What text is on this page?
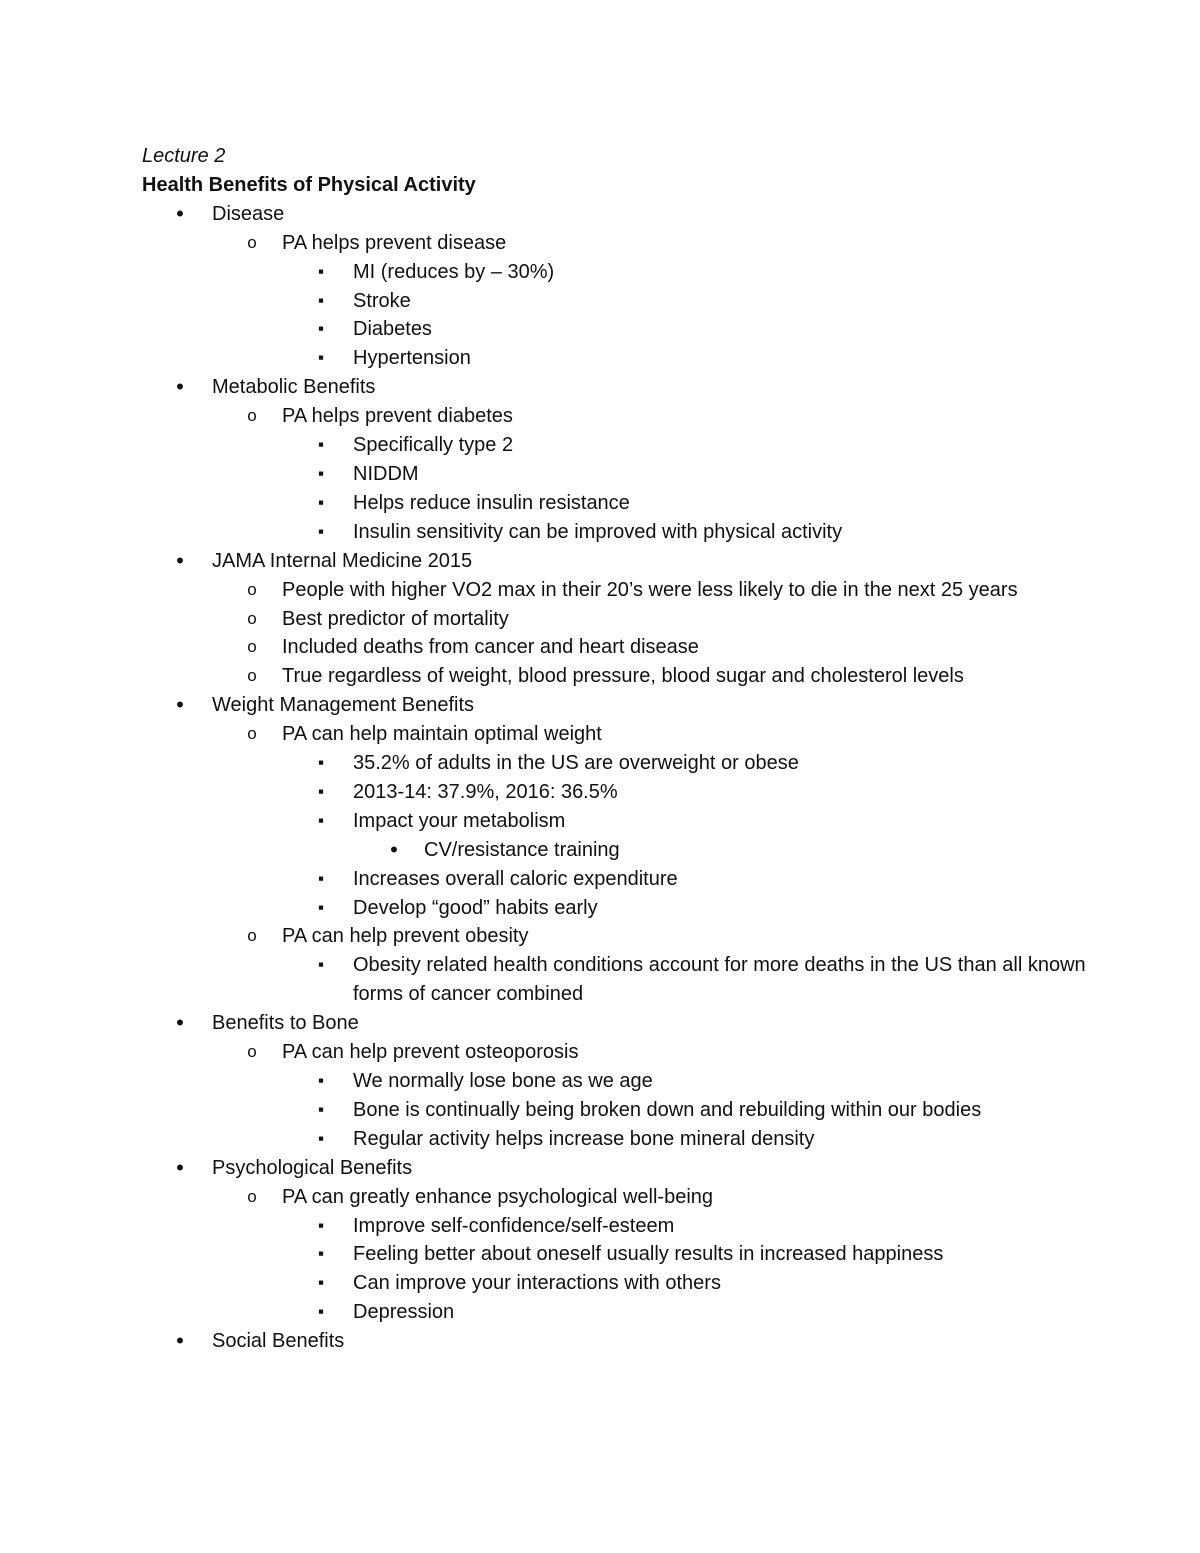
Lecture 2
Health Benefits of Physical Activity
• Disease
o PA helps prevent disease
▪ MI (reduces by – 30%)
▪ Stroke
▪ Diabetes
▪ Hypertension
• Metabolic Benefits
o PA helps prevent diabetes
▪ Specifically type 2
▪ NIDDM
▪ Helps reduce insulin resistance
▪ Insulin sensitivity can be improved with physical activity
• JAMA Internal Medicine 2015
o People with higher VO2 max in their 20’s were less likely to die in the next 25 years
o Best predictor of mortality
o Included deaths from cancer and heart disease
o True regardless of weight, blood pressure, blood sugar and cholesterol levels
• Weight Management Benefits
o PA can help maintain optimal weight
▪ 35.2% of adults in the US are overweight or obese
▪ 2013-14: 37.9%, 2016: 36.5%
▪ Impact your metabolism
• CV/resistance training
▪ Increases overall caloric expenditure
▪ Develop “good” habits early
o PA can help prevent obesity
▪ Obesity related health conditions account for more deaths in the US than all known forms of cancer combined
• Benefits to Bone
o PA can help prevent osteoporosis
▪ We normally lose bone as we age
▪ Bone is continually being broken down and rebuilding within our bodies
▪ Regular activity helps increase bone mineral density
• Psychological Benefits
o PA can greatly enhance psychological well-being
▪ Improve self-confidence/self-esteem
▪ Feeling better about oneself usually results in increased happiness
▪ Can improve your interactions with others
▪ Depression
• Social Benefits
